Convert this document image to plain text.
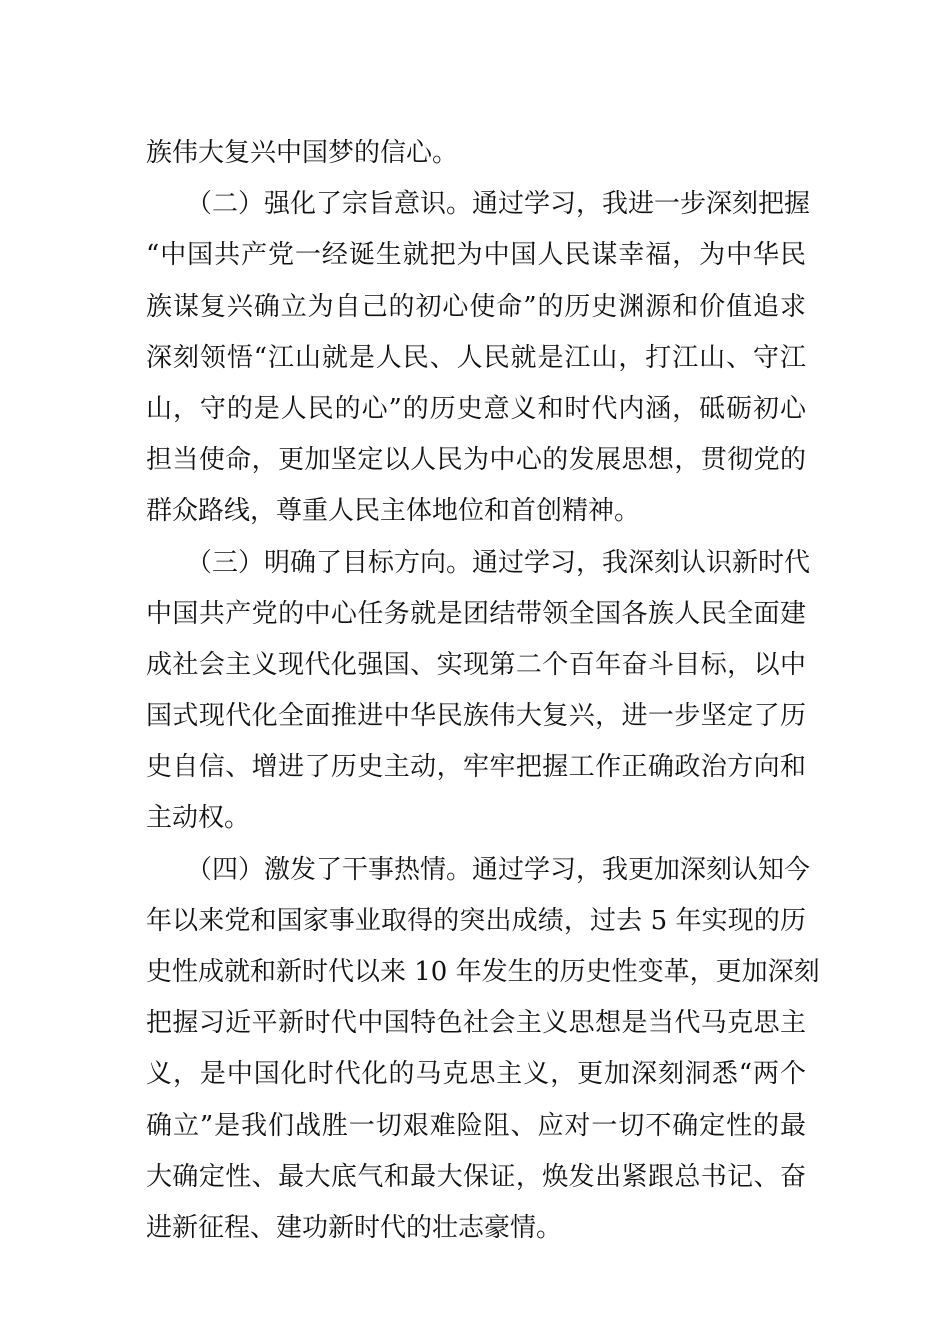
族伟大复兴中国梦的信心。
（二）强化了宗旨意识。通过学习，我进一步深刻把握
“中国共产党一经诞生就把为中国人民谋幸福，为中华民
族谋复兴确立为自己的初心使命”的历史渊源和价值追求
深刻领悟“江山就是人民、人民就是江山，打江山、守江
山，守的是人民的心”的历史意义和时代内涵，砥砺初心
担当使命，更加坚定以人民为中心的发展思想，贯彻党的
群众路线，尊重人民主体地位和首创精神。
（三）明确了目标方向。通过学习，我深刻认识新时代
中国共产党的中心任务就是团结带领全国各族人民全面建
成社会主义现代化强国、实现第二个百年奋斗目标，以中
国式现代化全面推进中华民族伟大复兴，进一步坚定了历
史自信、增进了历史主动，牢牢把握工作正确政治方向和
主动权。
（四）激发了干事热情。通过学习，我更加深刻认知今
年以来党和国家事业取得的突出成绩，过去 5 年实现的历
史性成就和新时代以来 10 年发生的历史性变革，更加深刻
把握习近平新时代中国特色社会主义思想是当代马克思主
义，是中国化时代化的马克思主义，更加深刻洞悉“两个
确立”是我们战胜一切艰难险阻、应对一切不确定性的最
大确定性、最大底气和最大保证，焕发出紧跟总书记、奋
进新征程、建功新时代的壮志豪情。
